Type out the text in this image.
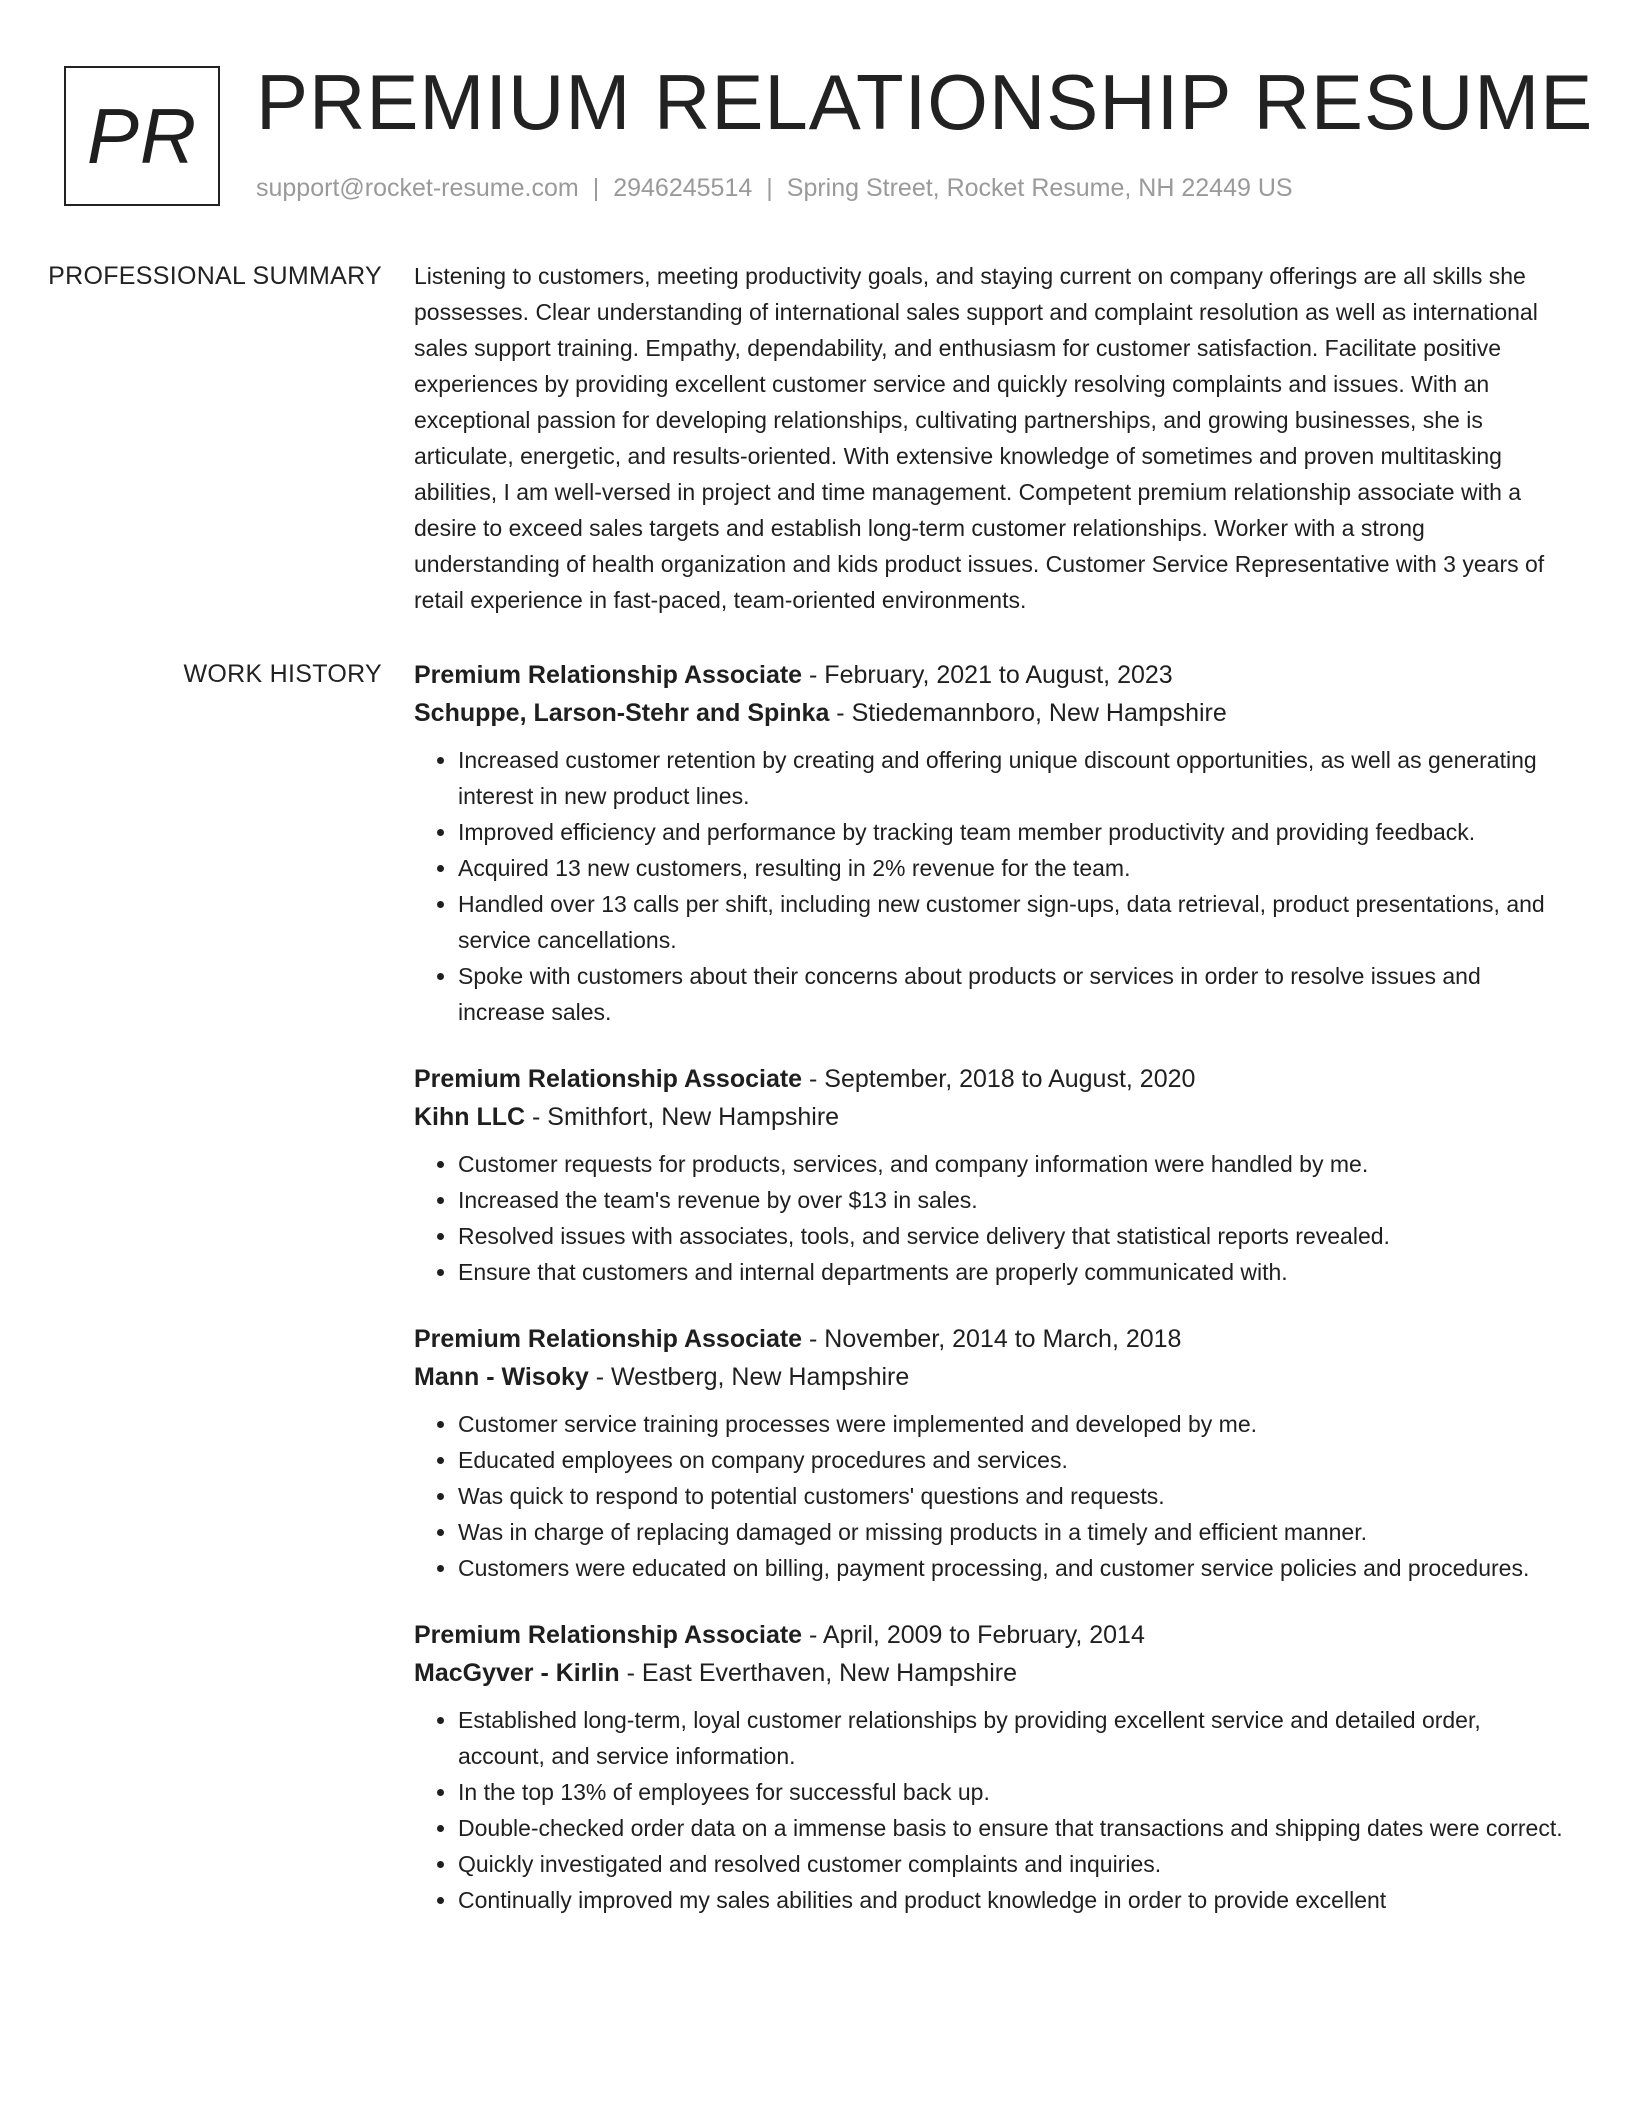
PR PREMIUM RELATIONSHIP RESUME
support@rocket-resume.com | 2946245514 | Spring Street, Rocket Resume, NH 22449 US
PROFESSIONAL SUMMARY	Listening to customers, meeting productivity goals, and staying current on company offerings are all skills she possesses. Clear understanding of international sales support and complaint resolution as well as international sales support training. Empathy, dependability, and enthusiasm for customer satisfaction. Facilitate positive experiences by providing excellent customer service and quickly resolving complaints and issues. With an exceptional passion for developing relationships, cultivating partnerships, and growing businesses, she is articulate, energetic, and results-oriented. With extensive knowledge of sometimes and proven multitasking abilities, I am well-versed in project and time management. Competent premium relationship associate with a desire to exceed sales targets and establish long-term customer relationships. Worker with a strong understanding of health organization and kids product issues. Customer Service Representative with 3 years of retail experience in fast-paced, team-oriented environments.

WORK HISTORY	Premium Relationship Associate - February, 2021 to August, 2023
Schuppe, Larson-Stehr and Spinka - Stiedemannboro, New Hampshire
• Increased customer retention by creating and offering unique discount opportunities, as well as generating interest in new product lines.
• Improved efficiency and performance by tracking team member productivity and providing feedback.
• Acquired 13 new customers, resulting in 2% revenue for the team.
• Handled over 13 calls per shift, including new customer sign-ups, data retrieval, product presentations, and service cancellations.
• Spoke with customers about their concerns about products or services in order to resolve issues and increase sales.
Premium Relationship Associate - September, 2018 to August, 2020
Kihn LLC - Smithfort, New Hampshire
• Customer requests for products, services, and company information were handled by me.
• Increased the team's revenue by over $13 in sales.
• Resolved issues with associates, tools, and service delivery that statistical reports revealed.
• Ensure that customers and internal departments are properly communicated with.
Premium Relationship Associate - November, 2014 to March, 2018
Mann - Wisoky - Westberg, New Hampshire
• Customer service training processes were implemented and developed by me.
• Educated employees on company procedures and services.
• Was quick to respond to potential customers' questions and requests.
• Was in charge of replacing damaged or missing products in a timely and efficient manner.
• Customers were educated on billing, payment processing, and customer service policies and procedures.
Premium Relationship Associate - April, 2009 to February, 2014
MacGyver - Kirlin - East Everthaven, New Hampshire
• Established long-term, loyal customer relationships by providing excellent service and detailed order, account, and service information.
• In the top 13% of employees for successful back up.
• Double-checked order data on a immense basis to ensure that transactions and shipping dates were correct.
• Quickly investigated and resolved customer complaints and inquiries.
• Continually improved my sales abilities and product knowledge in order to provide excellent
